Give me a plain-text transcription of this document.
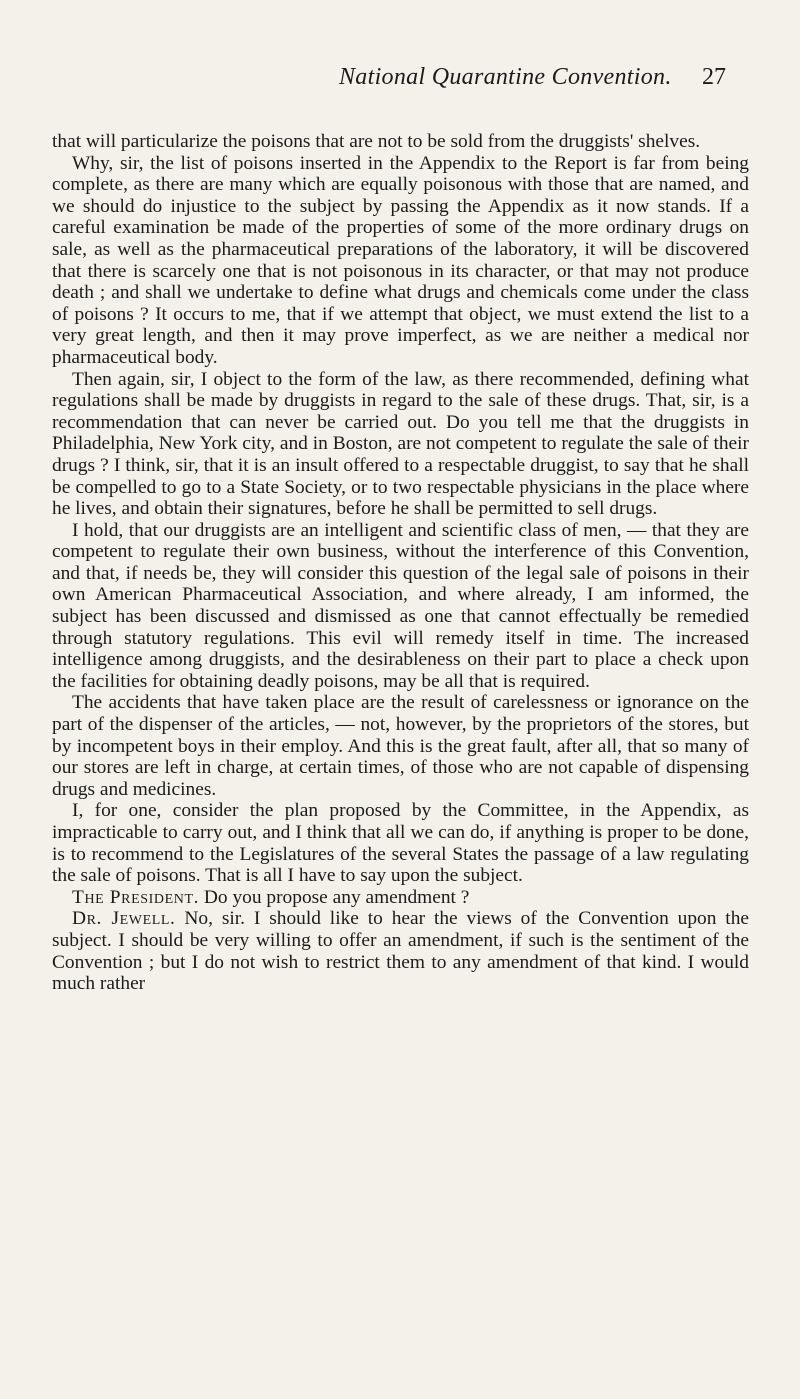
National Quarantine Convention. 27

that will particularize the poisons that are not to be sold from the druggists' shelves.

Why, sir, the list of poisons inserted in the Appendix to the Report is far from being complete, as there are many which are equally poisonous with those that are named, and we should do injustice to the subject by passing the Appendix as it now stands. If a careful examination be made of the properties of some of the more ordinary drugs on sale, as well as the pharmaceutical preparations of the laboratory, it will be discovered that there is scarcely one that is not poisonous in its character, or that may not produce death ; and shall we undertake to define what drugs and chemicals come under the class of poisons ? It occurs to me, that if we attempt that object, we must extend the list to a very great length, and then it may prove imperfect, as we are neither a medical nor pharmaceutical body.

Then again, sir, I object to the form of the law, as there recommended, defining what regulations shall be made by druggists in regard to the sale of these drugs. That, sir, is a recommendation that can never be carried out. Do you tell me that the druggists in Philadelphia, New York city, and in Boston, are not competent to regulate the sale of their drugs ? I think, sir, that it is an insult offered to a respectable druggist, to say that he shall be compelled to go to a State Society, or to two respectable physicians in the place where he lives, and obtain their signatures, before he shall be permitted to sell drugs.

I hold, that our druggists are an intelligent and scientific class of men, — that they are competent to regulate their own business, without the interference of this Convention, and that, if needs be, they will consider this question of the legal sale of poisons in their own American Pharmaceutical Association, and where already, I am informed, the subject has been discussed and dismissed as one that cannot effectually be remedied through statutory regulations. This evil will remedy itself in time. The increased intelligence among druggists, and the desirableness on their part to place a check upon the facilities for obtaining deadly poisons, may be all that is required.

The accidents that have taken place are the result of carelessness or ignorance on the part of the dispenser of the articles, — not, however, by the proprietors of the stores, but by incompetent boys in their employ. And this is the great fault, after all, that so many of our stores are left in charge, at certain times, of those who are not capable of dispensing drugs and medicines.

I, for one, consider the plan proposed by the Committee, in the Appendix, as impracticable to carry out, and I think that all we can do, if anything is proper to be done, is to recommend to the Legislatures of the several States the passage of a law regulating the sale of poisons. That is all I have to say upon the subject.

The President. Do you propose any amendment ?

Dr. Jewell. No, sir. I should like to hear the views of the Convention upon the subject. I should be very willing to offer an amendment, if such is the sentiment of the Convention ; but I do not wish to restrict them to any amendment of that kind. I would much rather
